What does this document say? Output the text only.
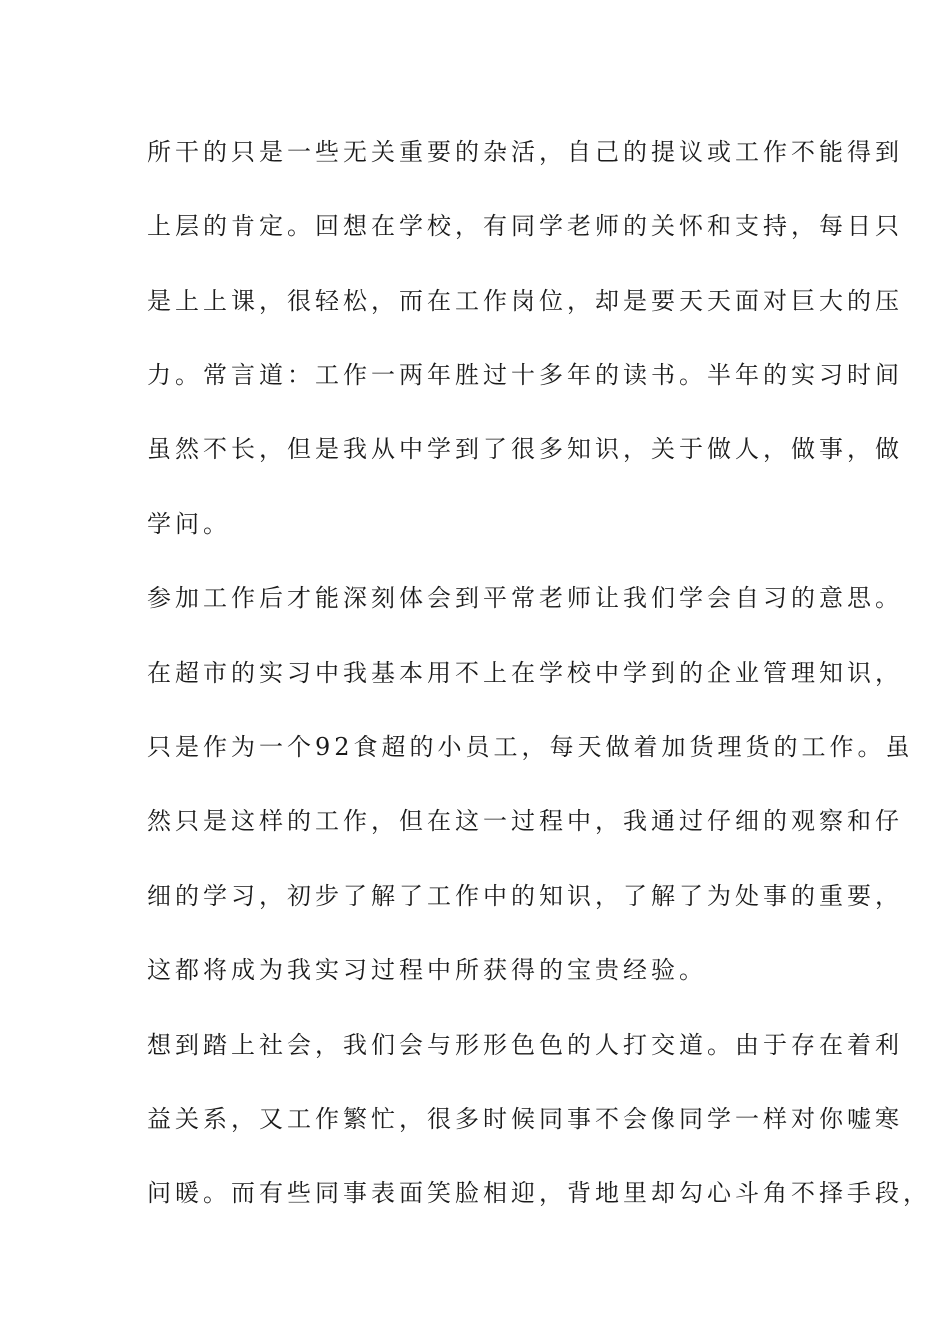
所干的只是一些无关重要的杂活，自己的提议或工作不能得到
上层的肯定。回想在学校，有同学老师的关怀和支持，每日只
是上上课，很轻松，而在工作岗位，却是要天天面对巨大的压
力。常言道：工作一两年胜过十多年的读书。半年的实习时间
虽然不长，但是我从中学到了很多知识，关于做人，做事，做
学问。
参加工作后才能深刻体会到平常老师让我们学会自习的意思。
在超市的实习中我基本用不上在学校中学到的企业管理知识，
只是作为一个92食超的小员工，每天做着加货理货的工作。虽
然只是这样的工作，但在这一过程中，我通过仔细的观察和仔
细的学习，初步了解了工作中的知识，了解了为处事的重要，
这都将成为我实习过程中所获得的宝贵经验。
想到踏上社会，我们会与形形色色的人打交道。由于存在着利
益关系，又工作繁忙，很多时候同事不会像同学一样对你嘘寒
问暖。而有些同事表面笑脸相迎，背地里却勾心斗角不择手段，
